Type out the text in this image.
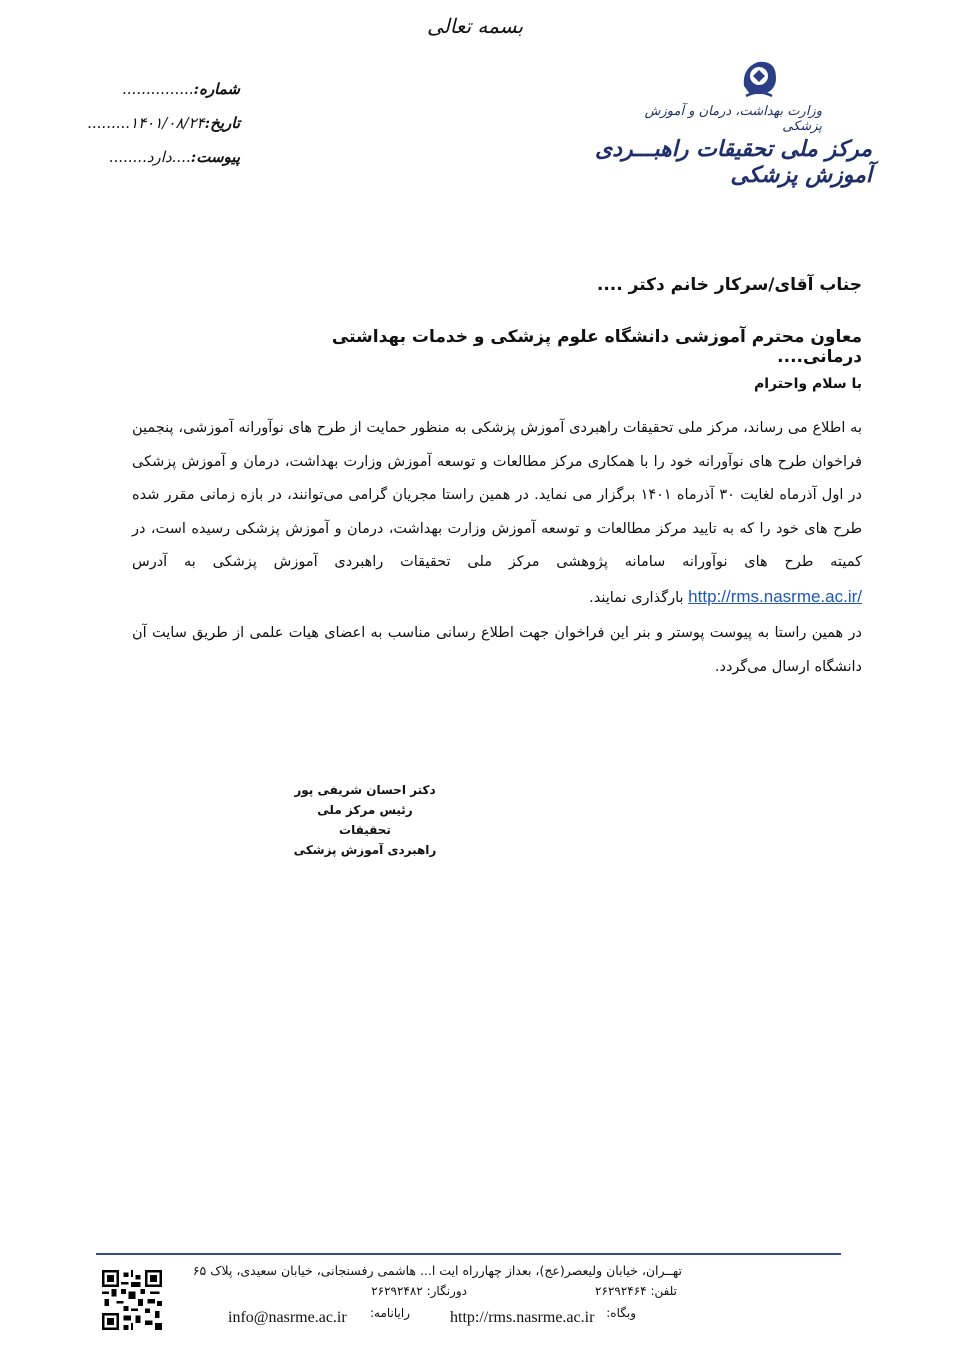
بسمه تعالی
شماره:...............
تاریخ:۱۴۰۱/۰۸/۲۴.........
پیوست:....دارد........
وزارت بهداشت، درمان و آموزش پزشکی
مرکز ملی تحقیقات راهبـــردی آموزش پزشکی
جناب آقای/سرکار خانم دکتر ....
معاون محترم آموزشی دانشگاه علوم پزشکی و خدمات بهداشتی درمانی....
با سلام واحترام
به اطلاع می رساند، مرکز ملی تحقیقات راهبردی آموزش پزشکی به منظور حمایت از طرح های نوآورانه آموزشی، پنجمین فراخوان طرح های نوآورانه خود را با همکاری مرکز مطالعات و توسعه آموزش وزارت بهداشت، درمان و آموزش پزشکی در اول آذرماه لغایت ۳۰ آذرماه ۱۴۰۱ برگزار می نماید. در همین راستا مجریان گرامی می‌توانند، در بازه زمانی مقرر شده طرح های خود را که به تایید مرکز مطالعات و توسعه آموزش وزارت بهداشت، درمان و آموزش پزشکی رسیده است، در کمیته طرح های نوآورانه سامانه پژوهشی مرکز ملی تحقیقات راهبردی آموزش پزشکی به آدرس http://rms.nasrme.ac.ir/ بارگذاری نمایند.
در همین راستا به پیوست پوستر و بنر این فراخوان جهت اطلاع رسانی مناسب به اعضای هیات علمی از طریق سایت آن دانشگاه ارسال می‌گردد.
دکتر احسان شریفی پور
رئیس مرکز ملی تحقیقات
راهبردی آموزش پزشکی
تهــران، خیابان ولیعصر(عج)، بعداز چهارراه ایت ا... هاشمی رفسنجانی، خیابان سعیدی، پلاک ۶۵
تلفن: ۲۶۲۹۲۴۶۴
دورنگار: ۲۶۲۹۲۴۸۲
وبگاه:
http://rms.nasrme.ac.ir
رایانامه:
info@nasrme.ac.ir
